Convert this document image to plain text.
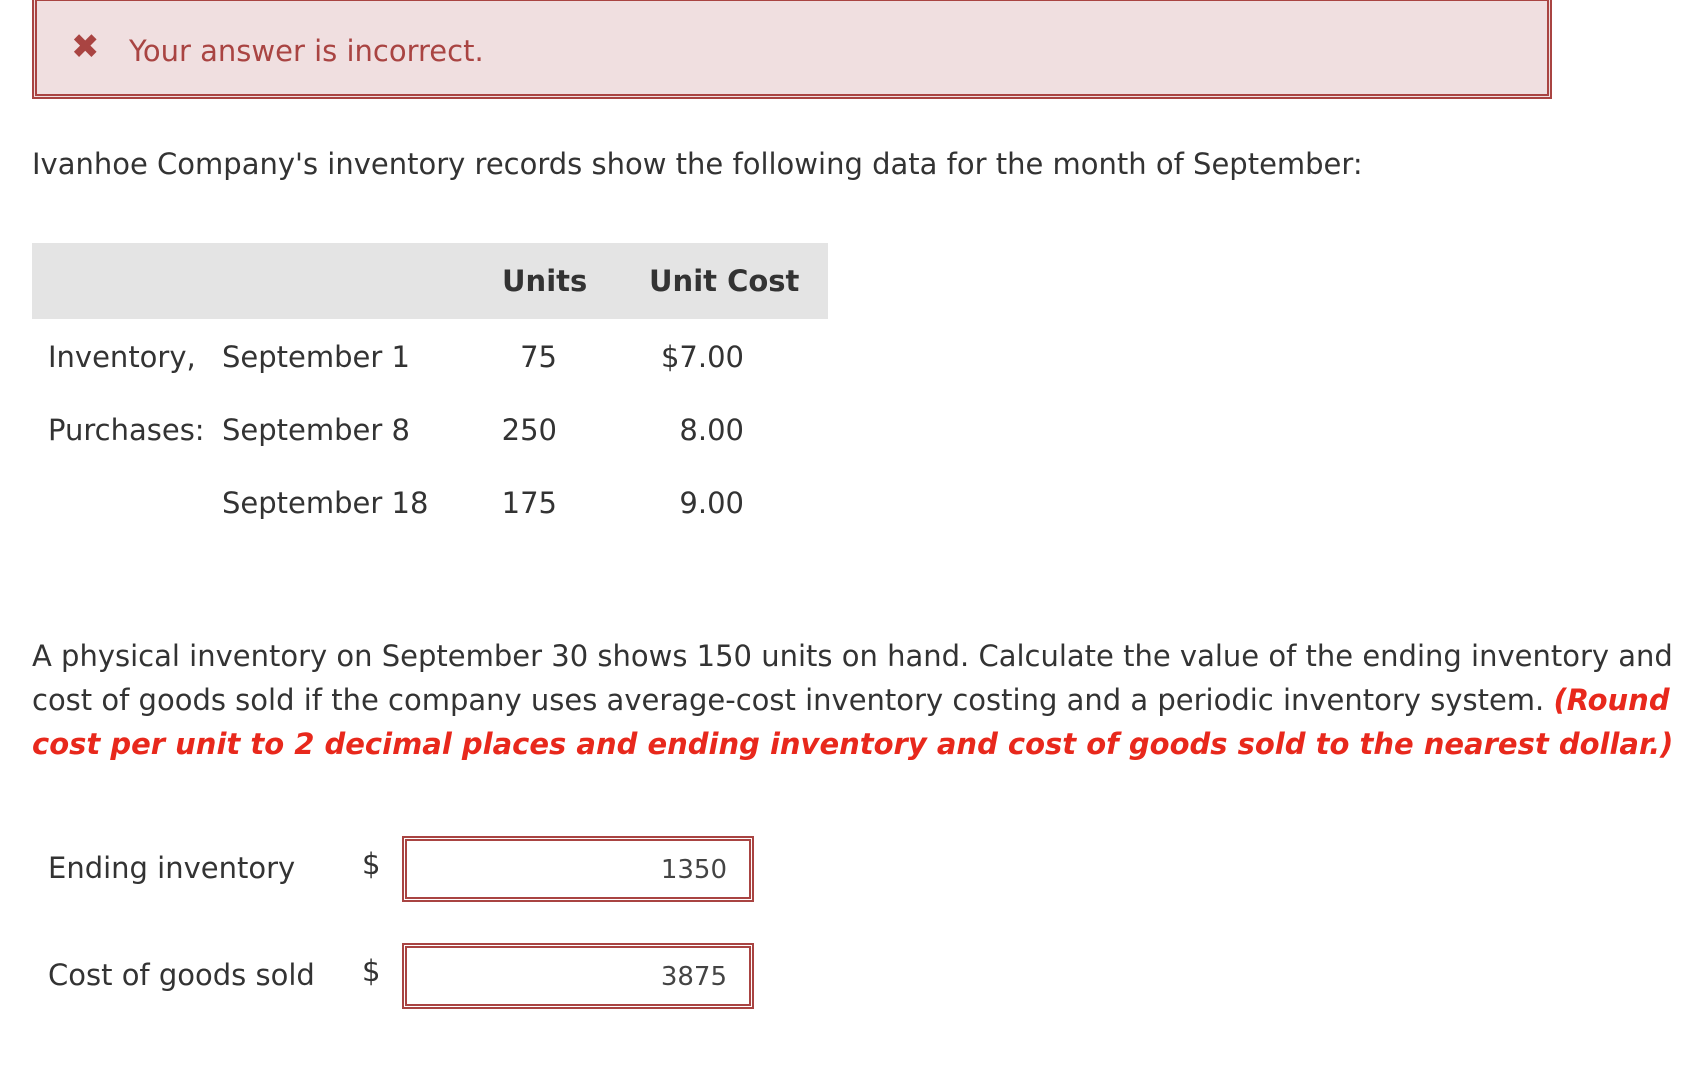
✖ Your answer is incorrect.
Ivanhoe Company's inventory records show the following data for the month of September:
Units Unit Cost
Inventory, September 1	75	$7.00
Purchases: September 8	250	8.00
September 18	175	9.00
A physical inventory on September 30 shows 150 units on hand. Calculate the value of the ending inventory and cost of goods sold if the company uses average-cost inventory costing and a periodic inventory system. (Round cost per unit to 2 decimal places and ending inventory and cost of goods sold to the nearest dollar.)
Ending inventory $	1350
Cost of goods sold $	3875
